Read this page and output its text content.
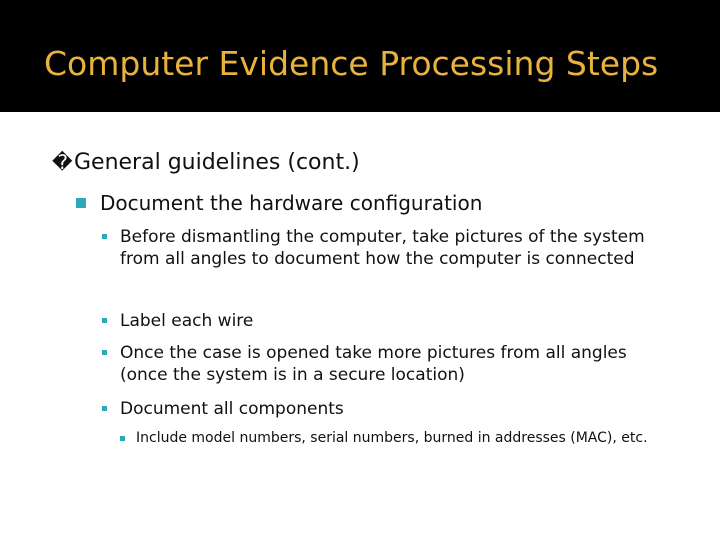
Computer Evidence Processing Steps
�General guidelines (cont.)
Document the hardware configuration
Before dismantling the computer, take pictures of the system from all angles to document how the computer is connected
Label each wire
Once the case is opened take more pictures from all angles (once the system is in a secure location)
Document all components
Include model numbers, serial numbers, burned in addresses (MAC), etc.
